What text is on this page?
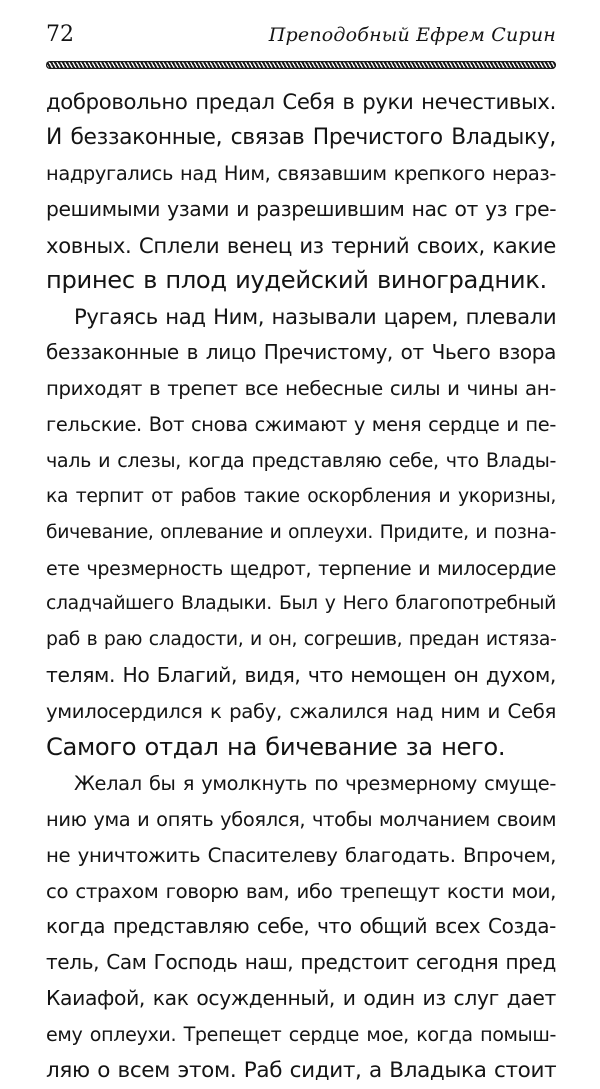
72	Преподобный Ефрем Сирин
добровольно предал Себя в руки нечестивых.
И беззаконные, связав Пречистого Владыку,
надругались над Ним, связавшим крепкого нераз-
решимыми узами и разрешившим нас от уз гре-
ховных. Сплели венец из терний своих, какие
принес в плод иудейский виноградник.
Ругаясь над Ним, называли царем, плевали
беззаконные в лицо Пречистому, от Чьего взора
приходят в трепет все небесные силы и чины ан-
гельские. Вот снова сжимают у меня сердце и пе-
чаль и слезы, когда представляю себе, что Влады-
ка терпит от рабов такие оскорбления и укоризны,
бичевание, оплевание и оплеухи. Придите, и позна-
ете чрезмерность щедрот, терпение и милосердие
сладчайшего Владыки. Был у Него благопотребный
раб в раю сладости, и он, согрешив, предан истяза-
телям. Но Благий, видя, что немощен он духом,
умилосердился к рабу, сжалился над ним и Себя
Самого отдал на бичевание за него.
Желал бы я умолкнуть по чрезмерному смуще-
нию ума и опять убоялся, чтобы молчанием своим
не уничтожить Спасителеву благодать. Впрочем,
со страхом говорю вам, ибо трепещут кости мои,
когда представляю себе, что общий всех Созда-
тель, Сам Господь наш, предстоит сегодня пред
Каиафой, как осужденный, и один из слуг дает
ему оплеухи. Трепещет сердце мое, когда помыш-
ляю о всем этом. Раб сидит, а Владыка стоит
